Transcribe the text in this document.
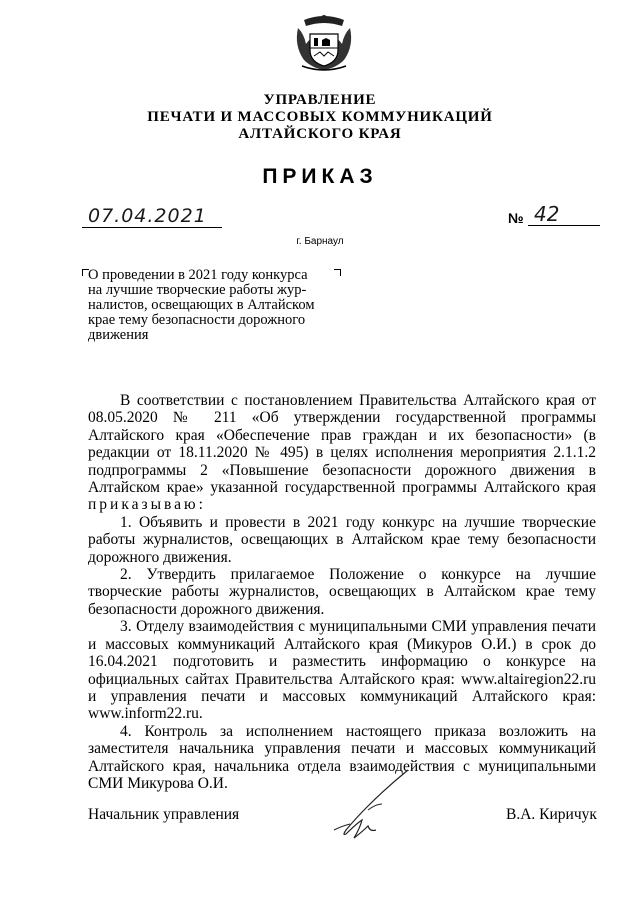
УПРАВЛЕНИЕ
ПЕЧАТИ И МАССОВЫХ КОММУНИКАЦИЙ
АЛТАЙСКОГО КРАЯ
ПРИКАЗ
07.04.2021	№ 42
г. Барнаул
О проведении в 2021 году конкурса
на лучшие творческие работы жур-
налистов, освещающих в Алтайском
крае тему безопасности дорожного
движения

В соответствии с постановлением Правительства Алтайского края от 08.05.2020 № 211 «Об утверждении государственной программы Алтайского края «Обеспечение прав граждан и их безопасности» (в редакции от 18.11.2020 № 495) в целях исполнения мероприятия 2.1.1.2 подпрограммы 2 «Повышение безопасности дорожного движения в Алтайском крае» указанной государственной программы Алтайского края приказываю:

1. Объявить и провести в 2021 году конкурс на лучшие творческие работы журналистов, освещающих в Алтайском крае тему безопасности дорожного движения.

2. Утвердить прилагаемое Положение о конкурсе на лучшие творческие работы журналистов, освещающих в Алтайском крае тему безопасности дорожного движения.

3. Отделу взаимодействия с муниципальными СМИ управления печати и массовых коммуникаций Алтайского края (Микуров О.И.) в срок до 16.04.2021 подготовить и разместить информацию о конкурсе на официальных сайтах Правительства Алтайского края: www.altairegion22.ru и управления печати и массовых коммуникаций Алтайского края: www.inform22.ru.

4. Контроль за исполнением настоящего приказа возложить на заместителя начальника управления печати и массовых коммуникаций Алтайского края, начальника отдела взаимодействия с муниципальными СМИ Микурова О.И.

Начальник управления	В.А. Киричук
